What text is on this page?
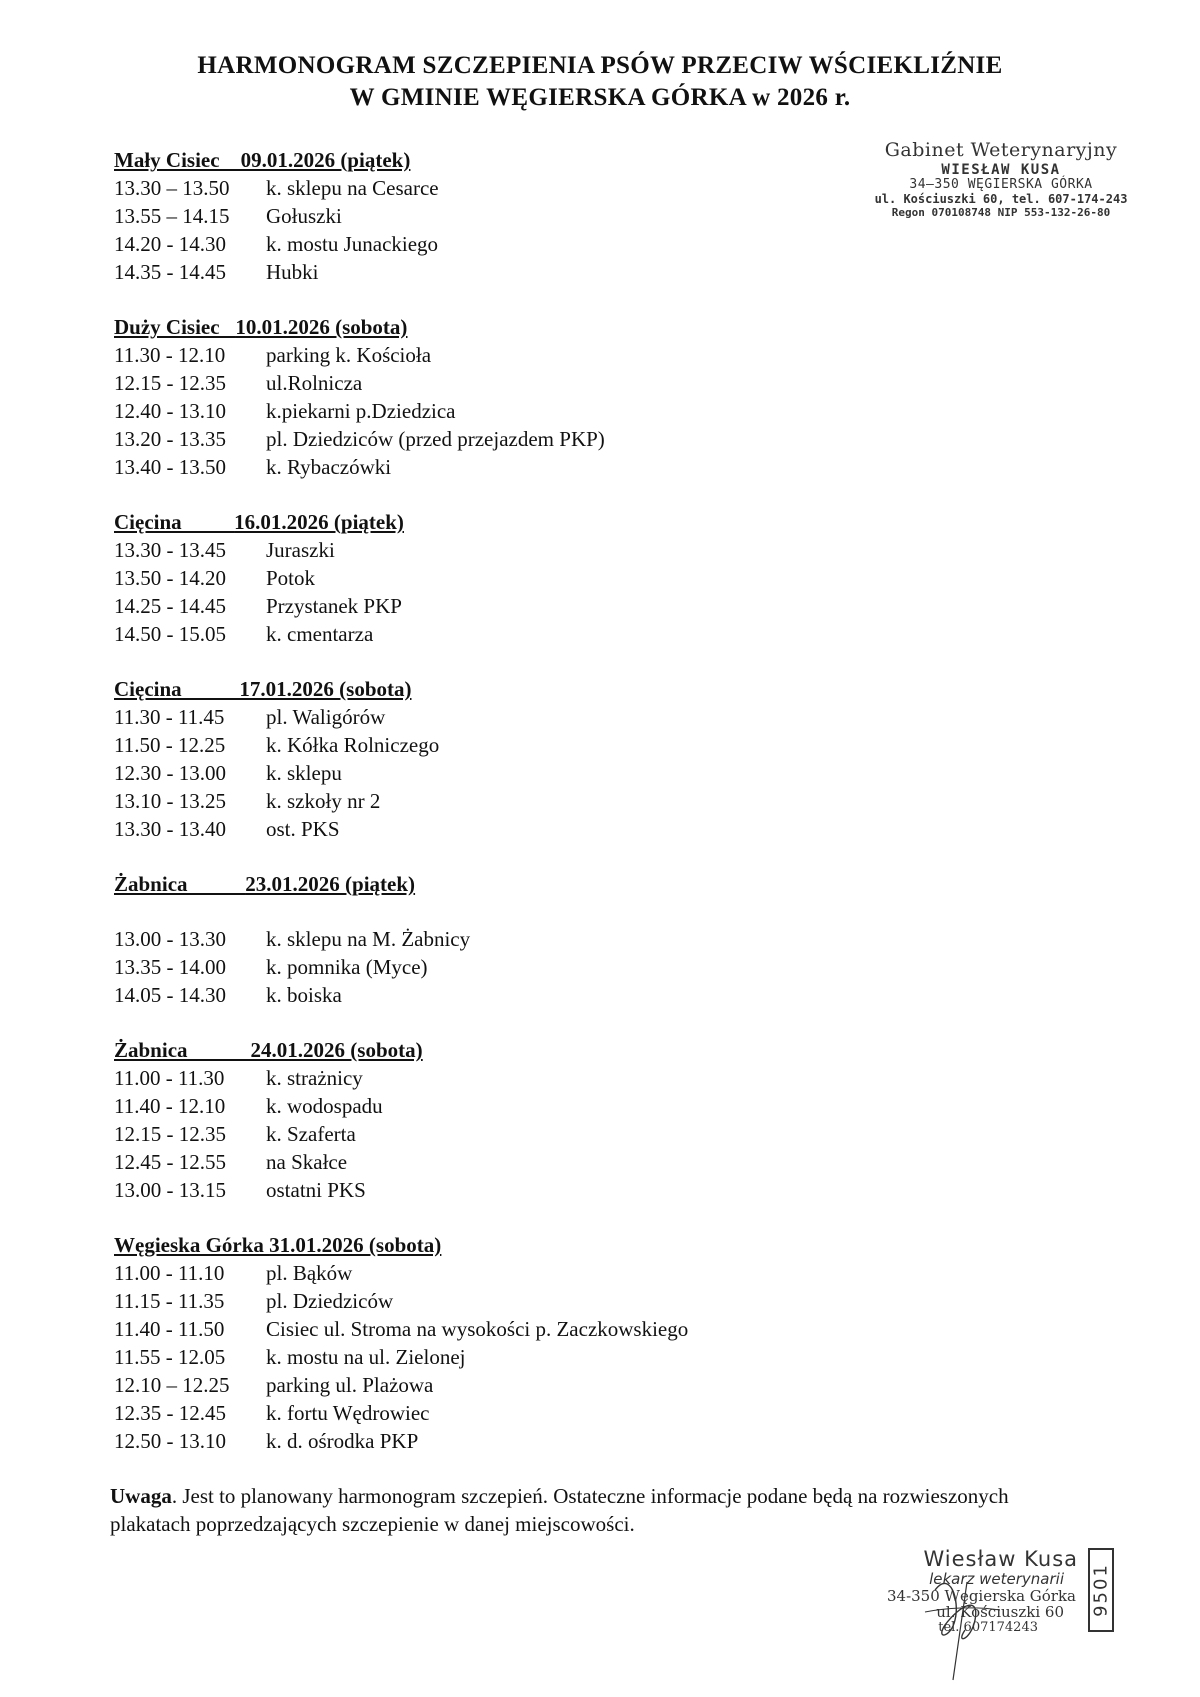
HARMONOGRAM SZCZEPIENIA PSÓW PRZECIW WŚCIEKLIŹNIE
W GMINIE WĘGIERSKA GÓRKA w 2026 r.
Gabinet Weterynaryjny
WIESŁAW KUSA
34–350 WĘGIERSKA GÓRKA
ul. Kościuszki 60, tel. 607-174-243
Regon 070108748 NIP 553-132-26-80
Mały Cisiec 09.01.2026 (piątek)
13.30 – 13.50	k. sklepu na Cesarce
13.55 – 14.15	Gołuszki
14.20 - 14.30	k. mostu Junackiego
14.35 - 14.45	Hubki
Duży Cisiec 10.01.2026 (sobota)
11.30 - 12.10	parking k. Kościoła
12.15 - 12.35	ul.Rolnicza
12.40 - 13.10	k.piekarni p.Dziedzica
13.20 - 13.35	pl. Dziedziców (przed przejazdem PKP)
13.40 - 13.50	k. Rybaczówki
Cięcina 16.01.2026 (piątek)
13.30 - 13.45	Juraszki
13.50 - 14.20	Potok
14.25 - 14.45	Przystanek PKP
14.50 - 15.05	k. cmentarza
Cięcina 17.01.2026 (sobota)
11.30 - 11.45	pl. Waligórów
11.50 - 12.25	k. Kółka Rolniczego
12.30 - 13.00	k. sklepu
13.10 - 13.25	k. szkoły nr 2
13.30 - 13.40	ost. PKS
Żabnica 23.01.2026 (piątek)
13.00 - 13.30	k. sklepu na M. Żabnicy
13.35 - 14.00	k. pomnika (Myce)
14.05 - 14.30	k. boiska
Żabnica 24.01.2026 (sobota)
11.00 - 11.30	k. strażnicy
11.40 - 12.10	k. wodospadu
12.15 - 12.35	k. Szaferta
12.45 - 12.55	na Skałce
13.00 - 13.15	ostatni PKS
Węgieska Górka 31.01.2026 (sobota)
11.00 - 11.10	pl. Bąków
11.15 - 11.35	pl. Dziedziców
11.40 - 11.50	Cisiec ul. Stroma na wysokości p. Zaczkowskiego
11.55 - 12.05	k. mostu na ul. Zielonej
12.10 – 12.25	parking ul. Plażowa
12.35 - 12.45	k. fortu Wędrowiec
12.50 - 13.10	k. d. ośrodka PKP
Uwaga. Jest to planowany harmonogram szczepień. Ostateczne informacje podane będą na rozwieszonych plakatach poprzedzających szczepienie w danej miejscowości.
Wiesław Kusa
lekarz weterynarii
34-350 Węgierska Górka
ul. Kościuszki 60
tel. 607174243
9501
